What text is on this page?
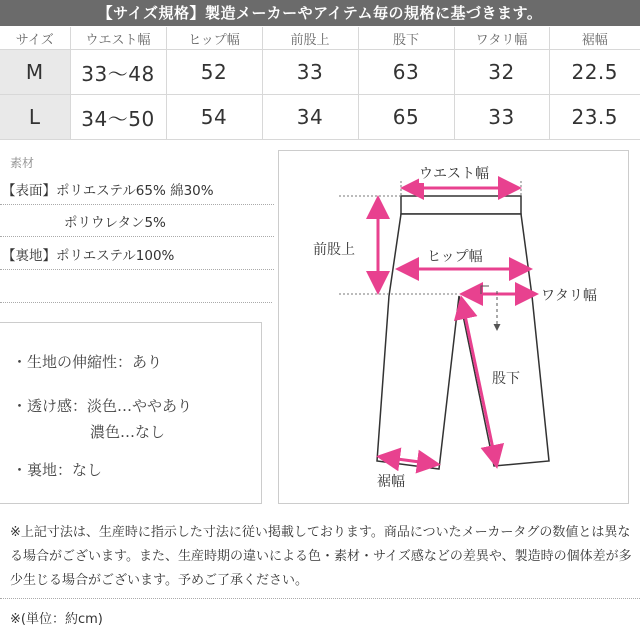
【サイズ規格】製造メーカーやアイテム毎の規格に基づきます。
サイズ	ウエスト幅	ヒップ幅	前股上	股下	ワタリ幅	裾幅
M	33〜48	52	33	63	32	22.5
L	34〜50	54	34	65	33	23.5
素材
【表面】ポリエステル65% 綿30%
ポリウレタン5%
【裏地】ポリエステル100%
・生地の伸縮性：あり
・透け感：淡色…ややあり
濃色…なし
・裏地：なし
ウエスト幅
前股上	ヒップ幅
ワタリ幅
股下
裾幅
※上記寸法は、生産時に指示した寸法に従い掲載しております。商品についたメーカータグの数値とは異なる場合がございます。また、生産時期の違いによる色・素材・サイズ感などの差異や、製造時の個体差が多少生じる場合がございます。予めご了承ください。
※(単位：約cm)
